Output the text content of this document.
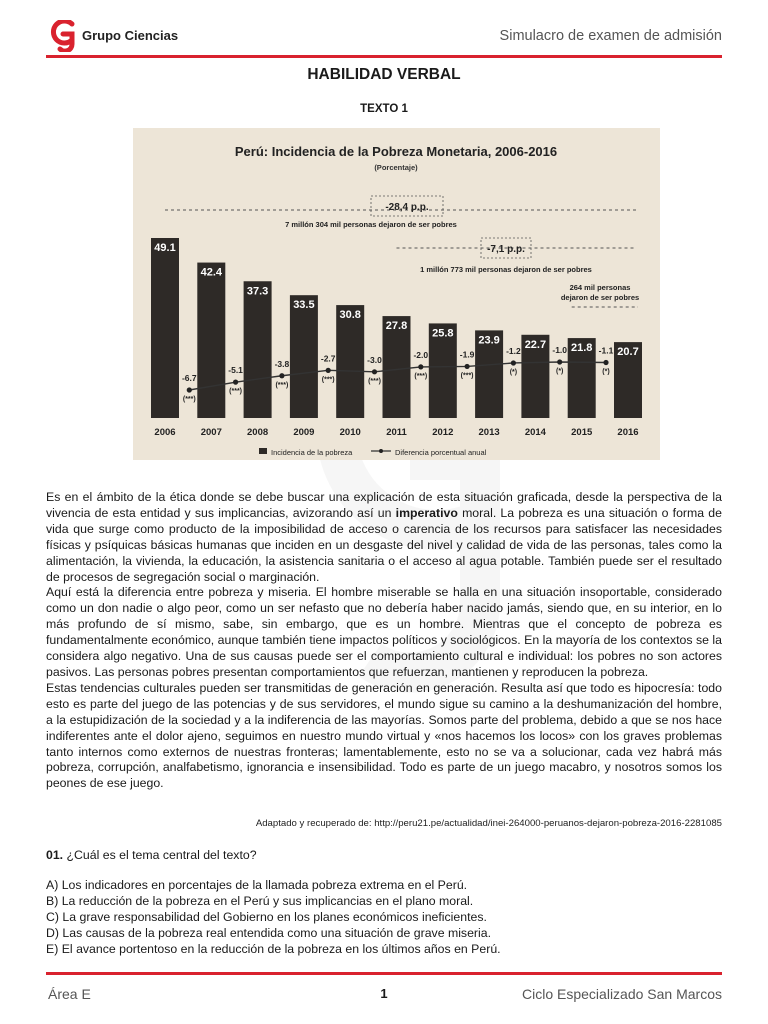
Grupo Ciencias	Simulacro de examen de admisión
HABILIDAD VERBAL
TEXTO 1
Perú: Incidencia de la Pobreza Monetaria, 2006-2016
(Porcentaje)
49.1
2006
42.4
2007
37.3
2008
33.5
2009
30.8
2010
27.8
2011
25.8
2012
23.9
2013
22.7
2014
21.8
2015
20.7
2016
-6.7
(***)
-5.1
(***)
-3.8
(***)
-2.7
(***)
-3.0
(***)
-2.0
(***)
-1.9
(***)
-1.2
(*)
-1.0
(*)
-1.1
(*)
-28,4 p.p.
7 millón 304 mil personas dejaron de ser pobres
-7,1 p.p.
1 millón 773 mil personas dejaron de ser pobres
264 mil personas
dejaron de ser pobres
Incidencia de la pobreza	Diferencia porcentual anual

Es en el ámbito de la ética donde se debe buscar una explicación de esta situación graficada, desde la perspectiva de la vivencia de esta entidad y sus implicancias, avizorando así un imperativo moral. La pobreza es una situación o forma de vida que surge como producto de la imposibilidad de acceso o carencia de los recursos para satisfacer las necesidades físicas y psíquicas básicas humanas que inciden en un desgaste del nivel y calidad de vida de las personas, tales como la alimentación, la vivienda, la educación, la asistencia sanitaria o el acceso al agua potable. También puede ser el resultado de procesos de segregación social o marginación.

Aquí está la diferencia entre pobreza y miseria. El hombre miserable se halla en una situación insoportable, considerado como un don nadie o algo peor, como un ser nefasto que no debería haber nacido jamás, siendo que, en su interior, en lo más profundo de sí mismo, sabe, sin embargo, que es un hombre. Mientras que el concepto de pobreza es fundamentalmente económico, aunque también tiene impactos políticos y sociológicos. En la mayoría de los contextos se la considera algo negativo. Una de sus causas puede ser el comportamiento cultural e individual: los pobres no son actores pasivos. Las personas pobres presentan comportamientos que refuerzan, mantienen y reproducen la pobreza.

Estas tendencias culturales pueden ser transmitidas de generación en generación. Resulta así que todo es hipocresía: todo esto es parte del juego de las potencias y de sus servidores, el mundo sigue su camino a la deshumanización del hombre, a la estupidización de la sociedad y a la indiferencia de las mayorías. Somos parte del problema, debido a que se nos hace indiferentes ante el dolor ajeno, seguimos en nuestro mundo virtual y «nos hacemos los locos» con los graves problemas tanto internos como externos de nuestras fronteras; lamentablemente, esto no se va a solucionar, cada vez habrá más pobreza, corrupción, analfabetismo, ignorancia e insensibilidad. Todo es parte de un juego macabro, y nosotros somos los peones de ese juego.

Adaptado y recuperado de: http://peru21.pe/actualidad/inei-264000-peruanos-dejaron-pobreza-2016-2281085
01. ¿Cuál es el tema central del texto?
A) Los indicadores en porcentajes de la llamada pobreza extrema en el Perú.
B) La reducción de la pobreza en el Perú y sus implicancias en el plano moral.
C) La grave responsabilidad del Gobierno en los planes económicos ineficientes.
D) Las causas de la pobreza real entendida como una situación de grave miseria.
E) El avance portentoso en la reducción de la pobreza en los últimos años en Perú.
Área E	1	Ciclo Especializado San Marcos
